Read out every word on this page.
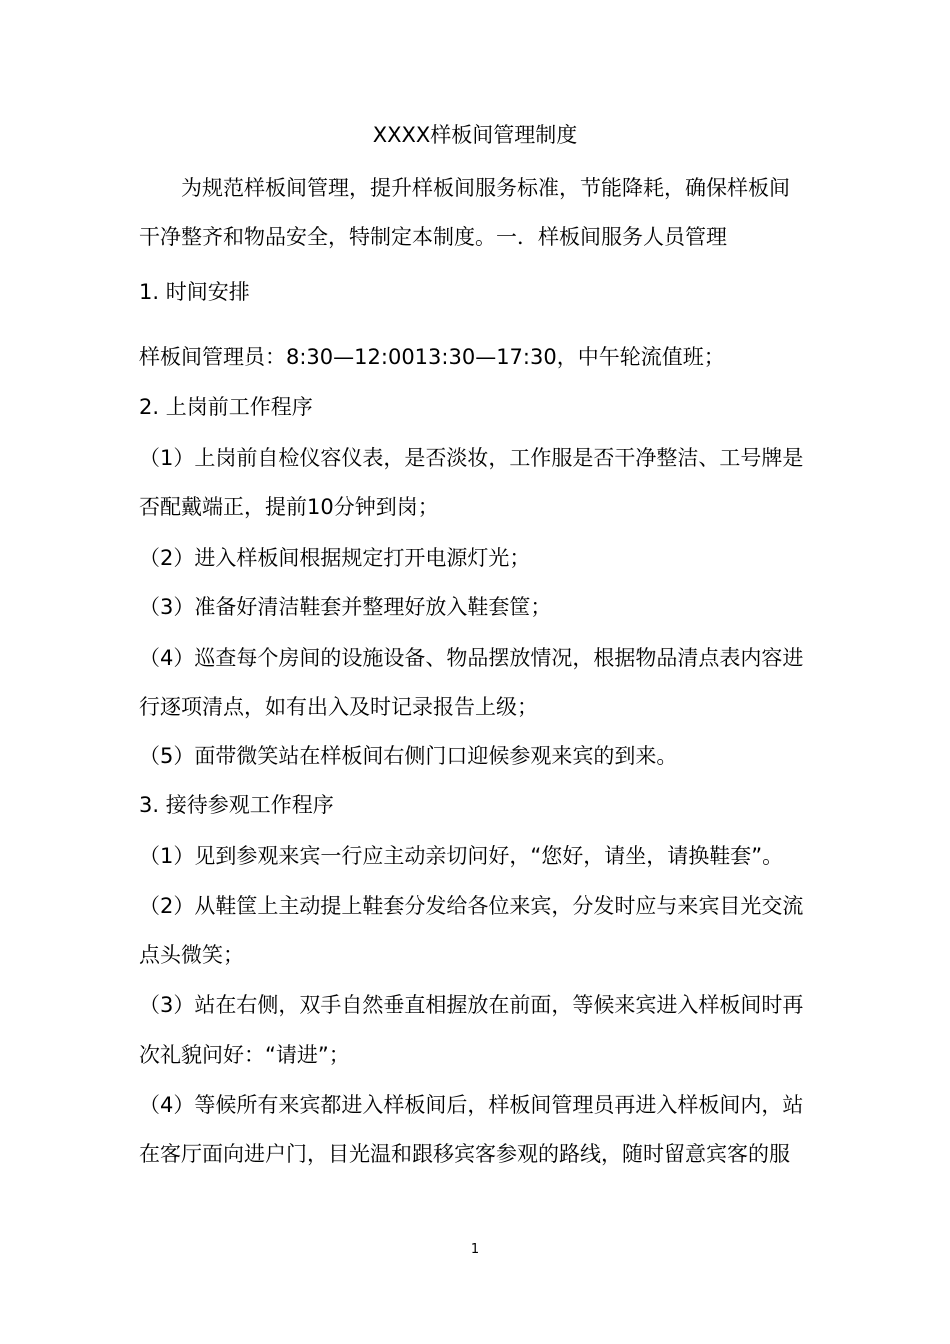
XXXX样板间管理制度
为规范样板间管理，提升样板间服务标准，节能降耗，确保样板间
干净整齐和物品安全，特制定本制度。一．样板间服务人员管理
1. 时间安排
样板间管理员：8:30—12:0013:30—17:30，中午轮流值班；
2. 上岗前工作程序
（1）上岗前自检仪容仪表，是否淡妆，工作服是否干净整洁、工号牌是
否配戴端正，提前10分钟到岗；
（2）进入样板间根据规定打开电源灯光；
（3）准备好清洁鞋套并整理好放入鞋套筐；
（4）巡查每个房间的设施设备、物品摆放情况，根据物品清点表内容进
行逐项清点，如有出入及时记录报告上级；
（5）面带微笑站在样板间右侧门口迎候参观来宾的到来。
3. 接待参观工作程序
（1）见到参观来宾一行应主动亲切问好，“您好，请坐，请换鞋套”。
（2）从鞋筐上主动提上鞋套分发给各位来宾，分发时应与来宾目光交流
点头微笑；
（3）站在右侧，双手自然垂直相握放在前面，等候来宾进入样板间时再
次礼貌问好：“请进”；
（4）等候所有来宾都进入样板间后，样板间管理员再进入样板间内，站
在客厅面向进户门，目光温和跟移宾客参观的路线，随时留意宾客的服
1
